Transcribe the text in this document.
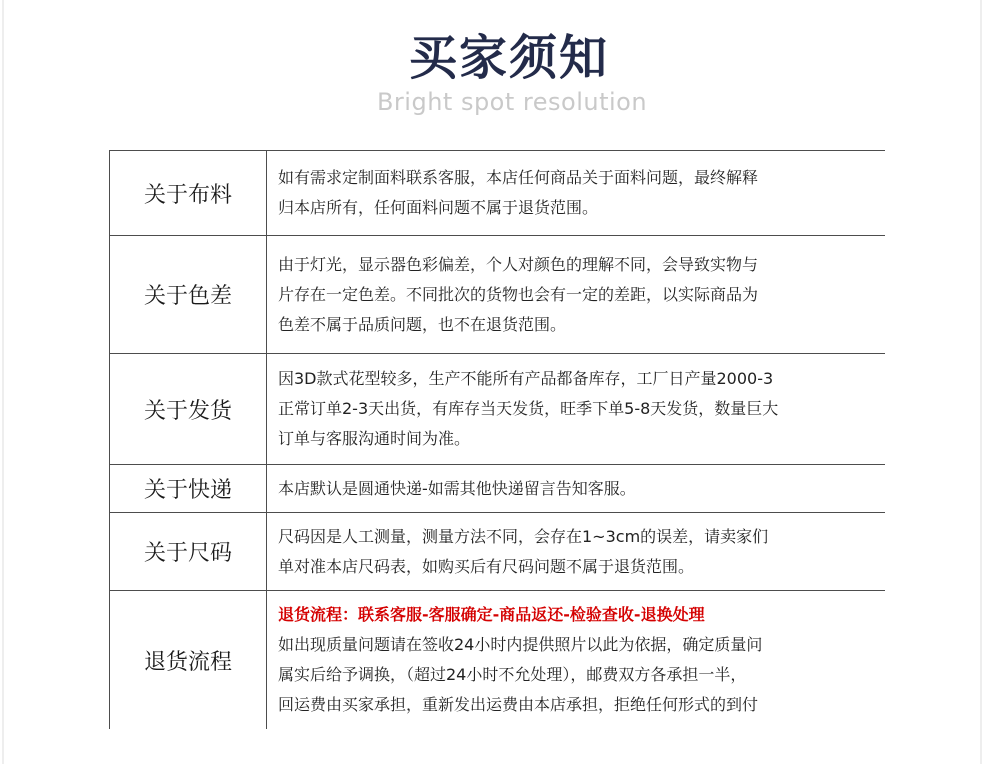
买家须知
Bright spot resolution
关于布料	如有需求定制面料联系客服，本店任何商品关于面料问题，最终解释
归本店所有，任何面料问题不属于退货范围。

关于色差	由于灯光，显示器色彩偏差，个人对颜色的理解不同，会导致实物与
片存在一定色差。不同批次的货物也会有一定的差距，以实际商品为
色差不属于品质问题，也不在退货范围。

关于发货	因3D款式花型较多，生产不能所有产品都备库存，工厂日产量2000-3
正常订单2-3天出货，有库存当天发货，旺季下单5-8天发货，数量巨大
订单与客服沟通时间为准。

关于快递	本店默认是圆通快递-如需其他快递留言告知客服。

关于尺码	尺码因是人工测量，测量方法不同，会存在1~3cm的误差，请卖家们
单对准本店尺码表，如购买后有尺码问题不属于退货范围。

退货流程	退货流程：联系客服-客服确定-商品返还-检验查收-退换处理
如出现质量问题请在签收24小时内提供照片以此为依据，确定质量问
属实后给予调换，（超过24小时不允处理），邮费双方各承担一半，
回运费由买家承担，重新发出运费由本店承担，拒绝任何形式的到付
